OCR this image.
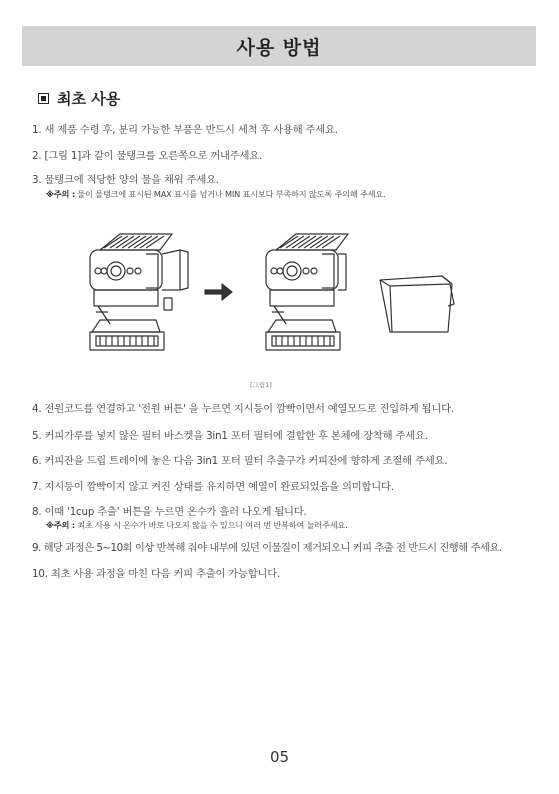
사용 방법
최초 사용
1. 새 제품 수령 후, 분리 가능한 부품은 반드시 세척 후 사용해 주세요.
2. [그림 1]과 같이 물탱크를 오른쪽으로 꺼내주세요.
3. 물탱크에 적당한 양의 물을 채워 주세요.
※주의 : 물이 물탱크에 표시된 MAX 표시를 넘거나 MIN 표시보다 부족하지 않도록 주의해 주세요.
4. 전원코드를 연결하고 '전원 버튼' 을 누르면 지시등이 깜빡이면서 예열모드로 진입하게 됩니다.
5. 커피가루를 넣지 않은 필터 바스켓을 3in1 포터 필터에 결합한 후 본체에 장착해 주세요.
6. 커피잔을 드립 트레이에 놓은 다음 3in1 포터 필터 추출구가 커피잔에 향하게 조절해 주세요.
7. 지시등이 깜빡이지 않고 켜진 상태를 유지하면 예열이 완료되었음을 의미합니다.
8. 이때 '1cup 추출' 버튼을 누르면 온수가 흘러 나오게 됩니다.
※주의 : 최초 사용 시 온수가 바로 나오지 않을 수 있으니 여러 번 반복하여 눌러주세요.
9. 해당 과정은 5~10회 이상 반복해 줘야 내부에 있던 이물질이 제거되오니 커피 추출 전 반드시 진행해 주세요.
10. 최초 사용 과정을 마친 다음 커피 추출이 가능합니다.
[그림1]
05
